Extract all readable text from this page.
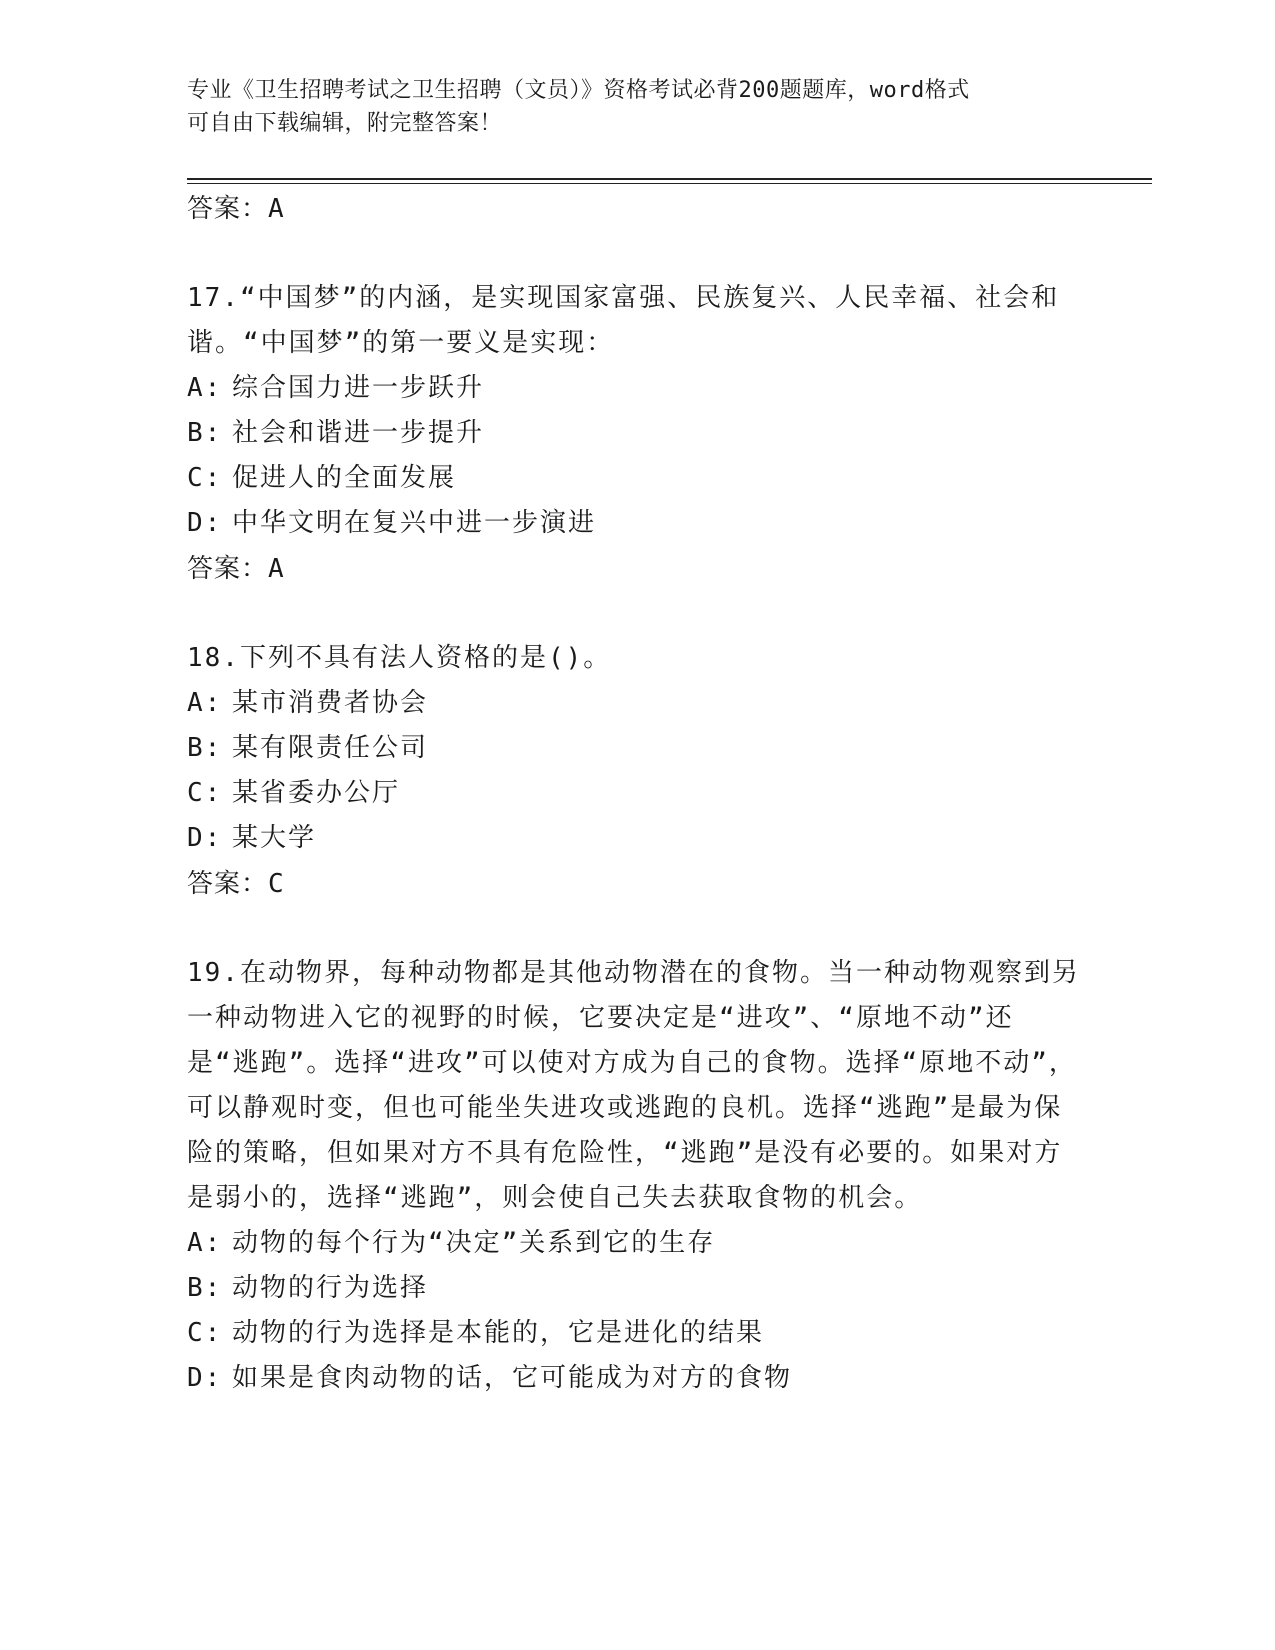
专业《卫生招聘考试之卫生招聘（文员）》资格考试必背200题题库，word格式
可自由下载编辑，附完整答案！

答案：A

17.“中国梦”的内涵，是实现国家富强、民族复兴、人民幸福、社会和谐。“中国梦”的第一要义是实现：

A: 综合国力进一步跃升

B: 社会和谐进一步提升

C: 促进人的全面发展

D: 中华文明在复兴中进一步演进

答案：A

18.下列不具有法人资格的是()。

A: 某市消费者协会

B: 某有限责任公司

C: 某省委办公厅

D: 某大学

答案：C

19.在动物界，每种动物都是其他动物潜在的食物。当一种动物观察到另一种动物进入它的视野的时候，它要决定是“进攻”、“原地不动”还是“逃跑”。选择“进攻”可以使对方成为自己的食物。选择“原地不动”，可以静观时变，但也可能坐失进攻或逃跑的良机。选择“逃跑”是最为保险的策略，但如果对方不具有危险性，“逃跑”是没有必要的。如果对方是弱小的，选择“逃跑”，则会使自己失去获取食物的机会。

A: 动物的每个行为“决定”关系到它的生存

B: 动物的行为选择

C: 动物的行为选择是本能的，它是进化的结果

D: 如果是食肉动物的话，它可能成为对方的食物
